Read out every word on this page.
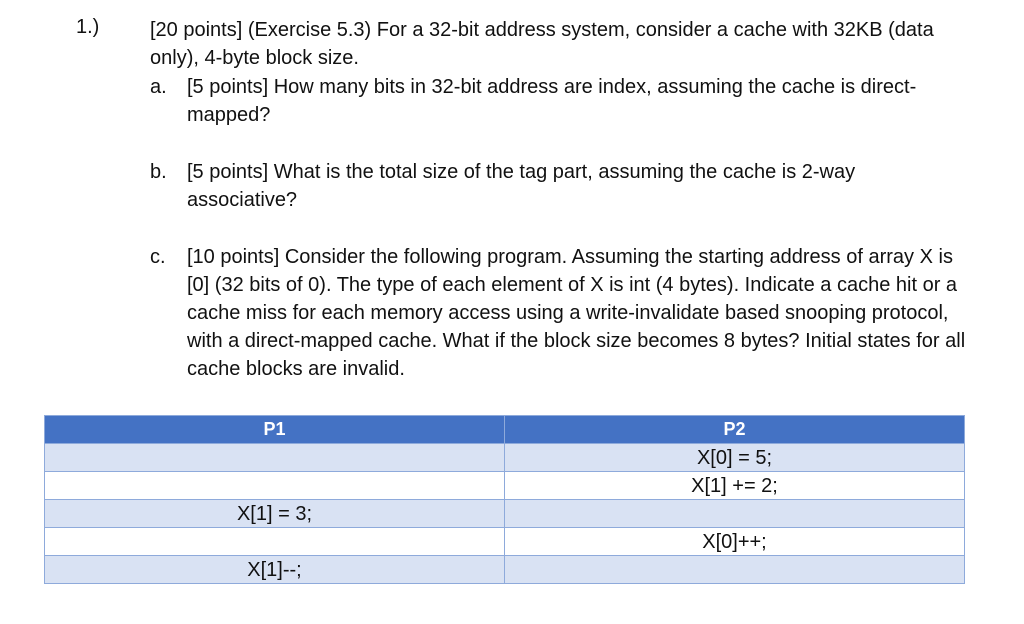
1.)	[20 points] (Exercise 5.3) For a 32-bit address system, consider a cache with 32KB (data only), 4-byte block size.
a. [5 points] How many bits in 32-bit address are index, assuming the cache is direct-mapped?
b. [5 points] What is the total size of the tag part, assuming the cache is 2-way associative?
c. [10 points] Consider the following program. Assuming the starting address of array X is [0] (32 bits of 0). The type of each element of X is int (4 bytes). Indicate a cache hit or a cache miss for each memory access using a write-invalidate based snooping protocol, with a direct-mapped cache. What if the block size becomes 8 bytes? Initial states for all cache blocks are invalid.
P1	P2

	X[0] = 5;

	X[1] += 2;

X[1] = 3;	

	X[0]++;

X[1]--;	
